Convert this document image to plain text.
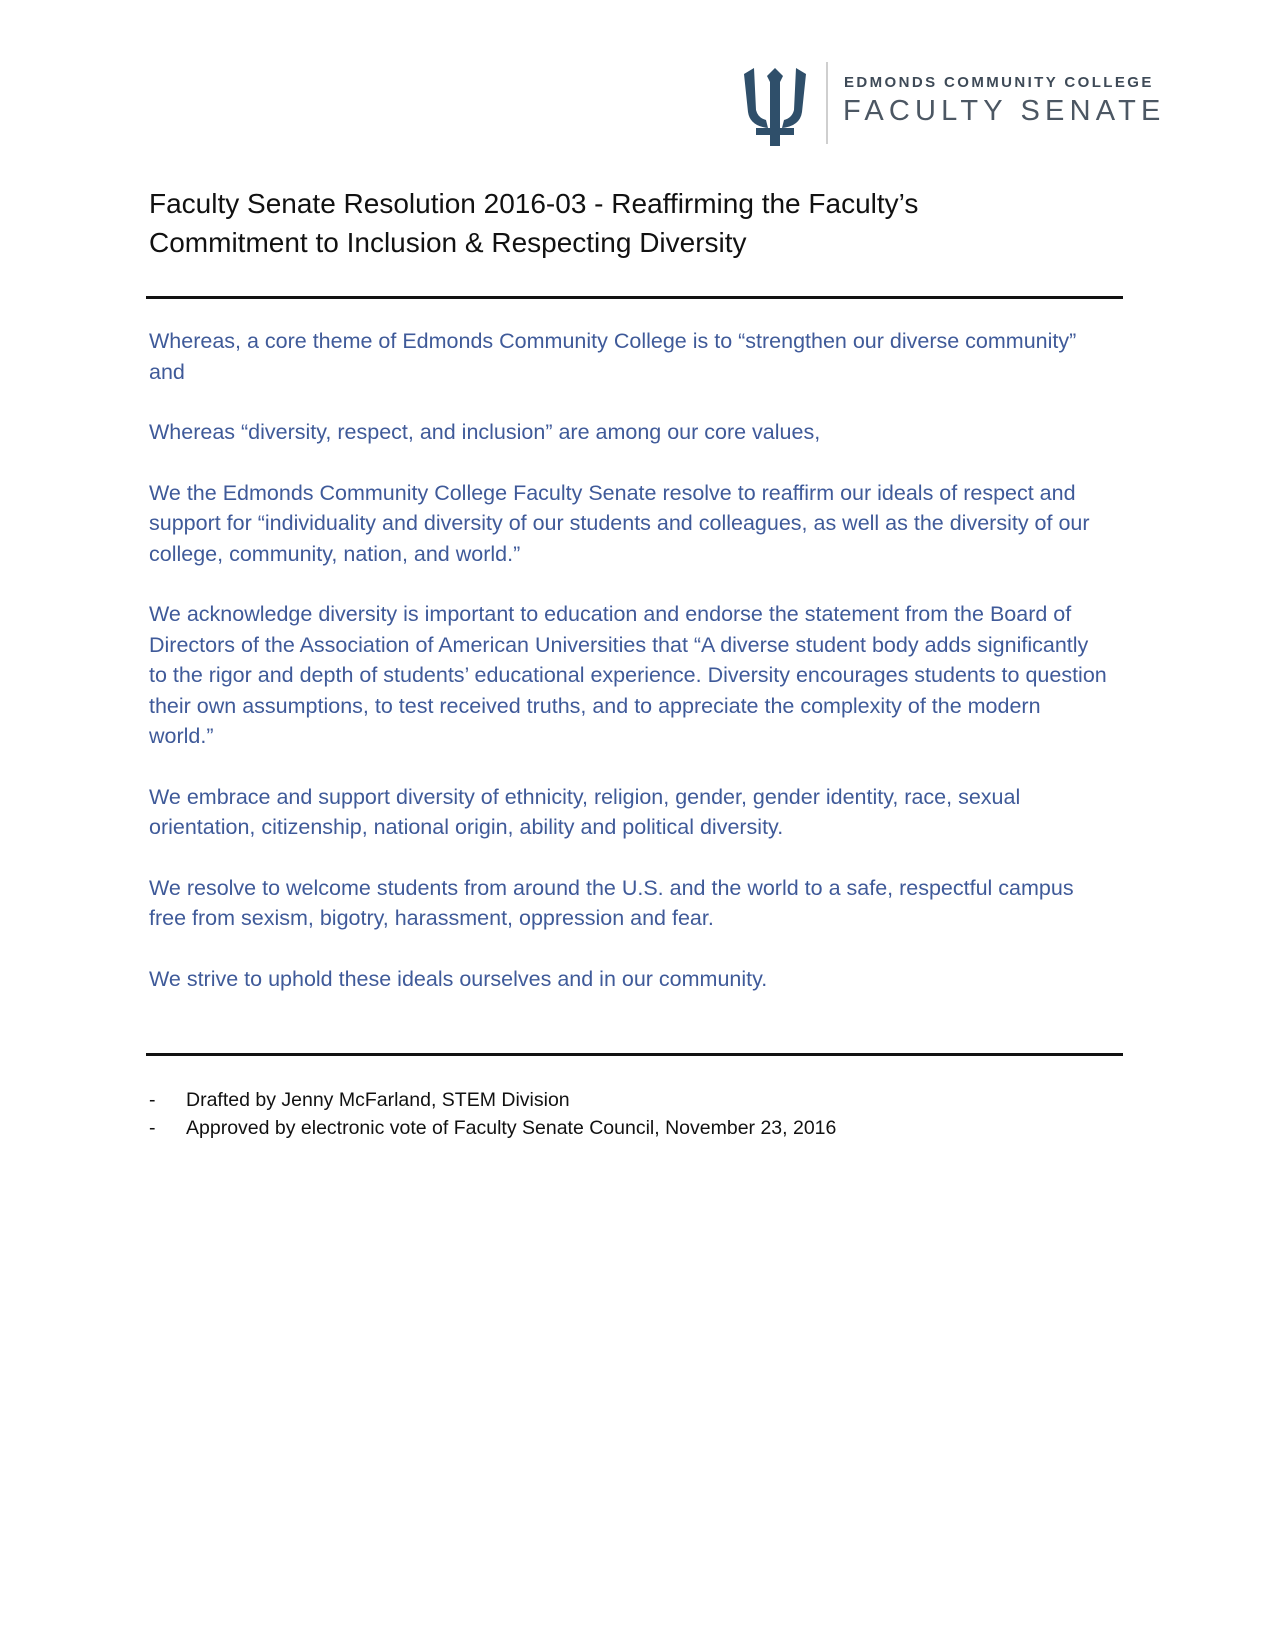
EDMONDS COMMUNITY COLLEGE
FACULTY SENATE
Faculty Senate Resolution 2016-03 - Reaffirming the Faculty’s
Commitment to Inclusion & Respecting Diversity

Whereas, a core theme of Edmonds Community College is to “strengthen our diverse community” and

Whereas “diversity, respect, and inclusion” are among our core values,

We the Edmonds Community College Faculty Senate resolve to reaffirm our ideals of respect and support for “individuality and diversity of our students and colleagues, as well as the diversity of our college, community, nation, and world.”

We acknowledge diversity is important to education and endorse the statement from the Board of Directors of the Association of American Universities that “A diverse student body adds significantly to the rigor and depth of students’ educational experience. Diversity encourages students to question their own assumptions, to test received truths, and to appreciate the complexity of the modern world.”

We embrace and support diversity of ethnicity, religion, gender, gender identity, race, sexual orientation, citizenship, national origin, ability and political diversity.

We resolve to welcome students from around the U.S. and the world to a safe, respectful campus free from sexism, bigotry, harassment, oppression and fear.

We strive to uphold these ideals ourselves and in our community.

- Drafted by Jenny McFarland, STEM Division
- Approved by electronic vote of Faculty Senate Council, November 23, 2016
